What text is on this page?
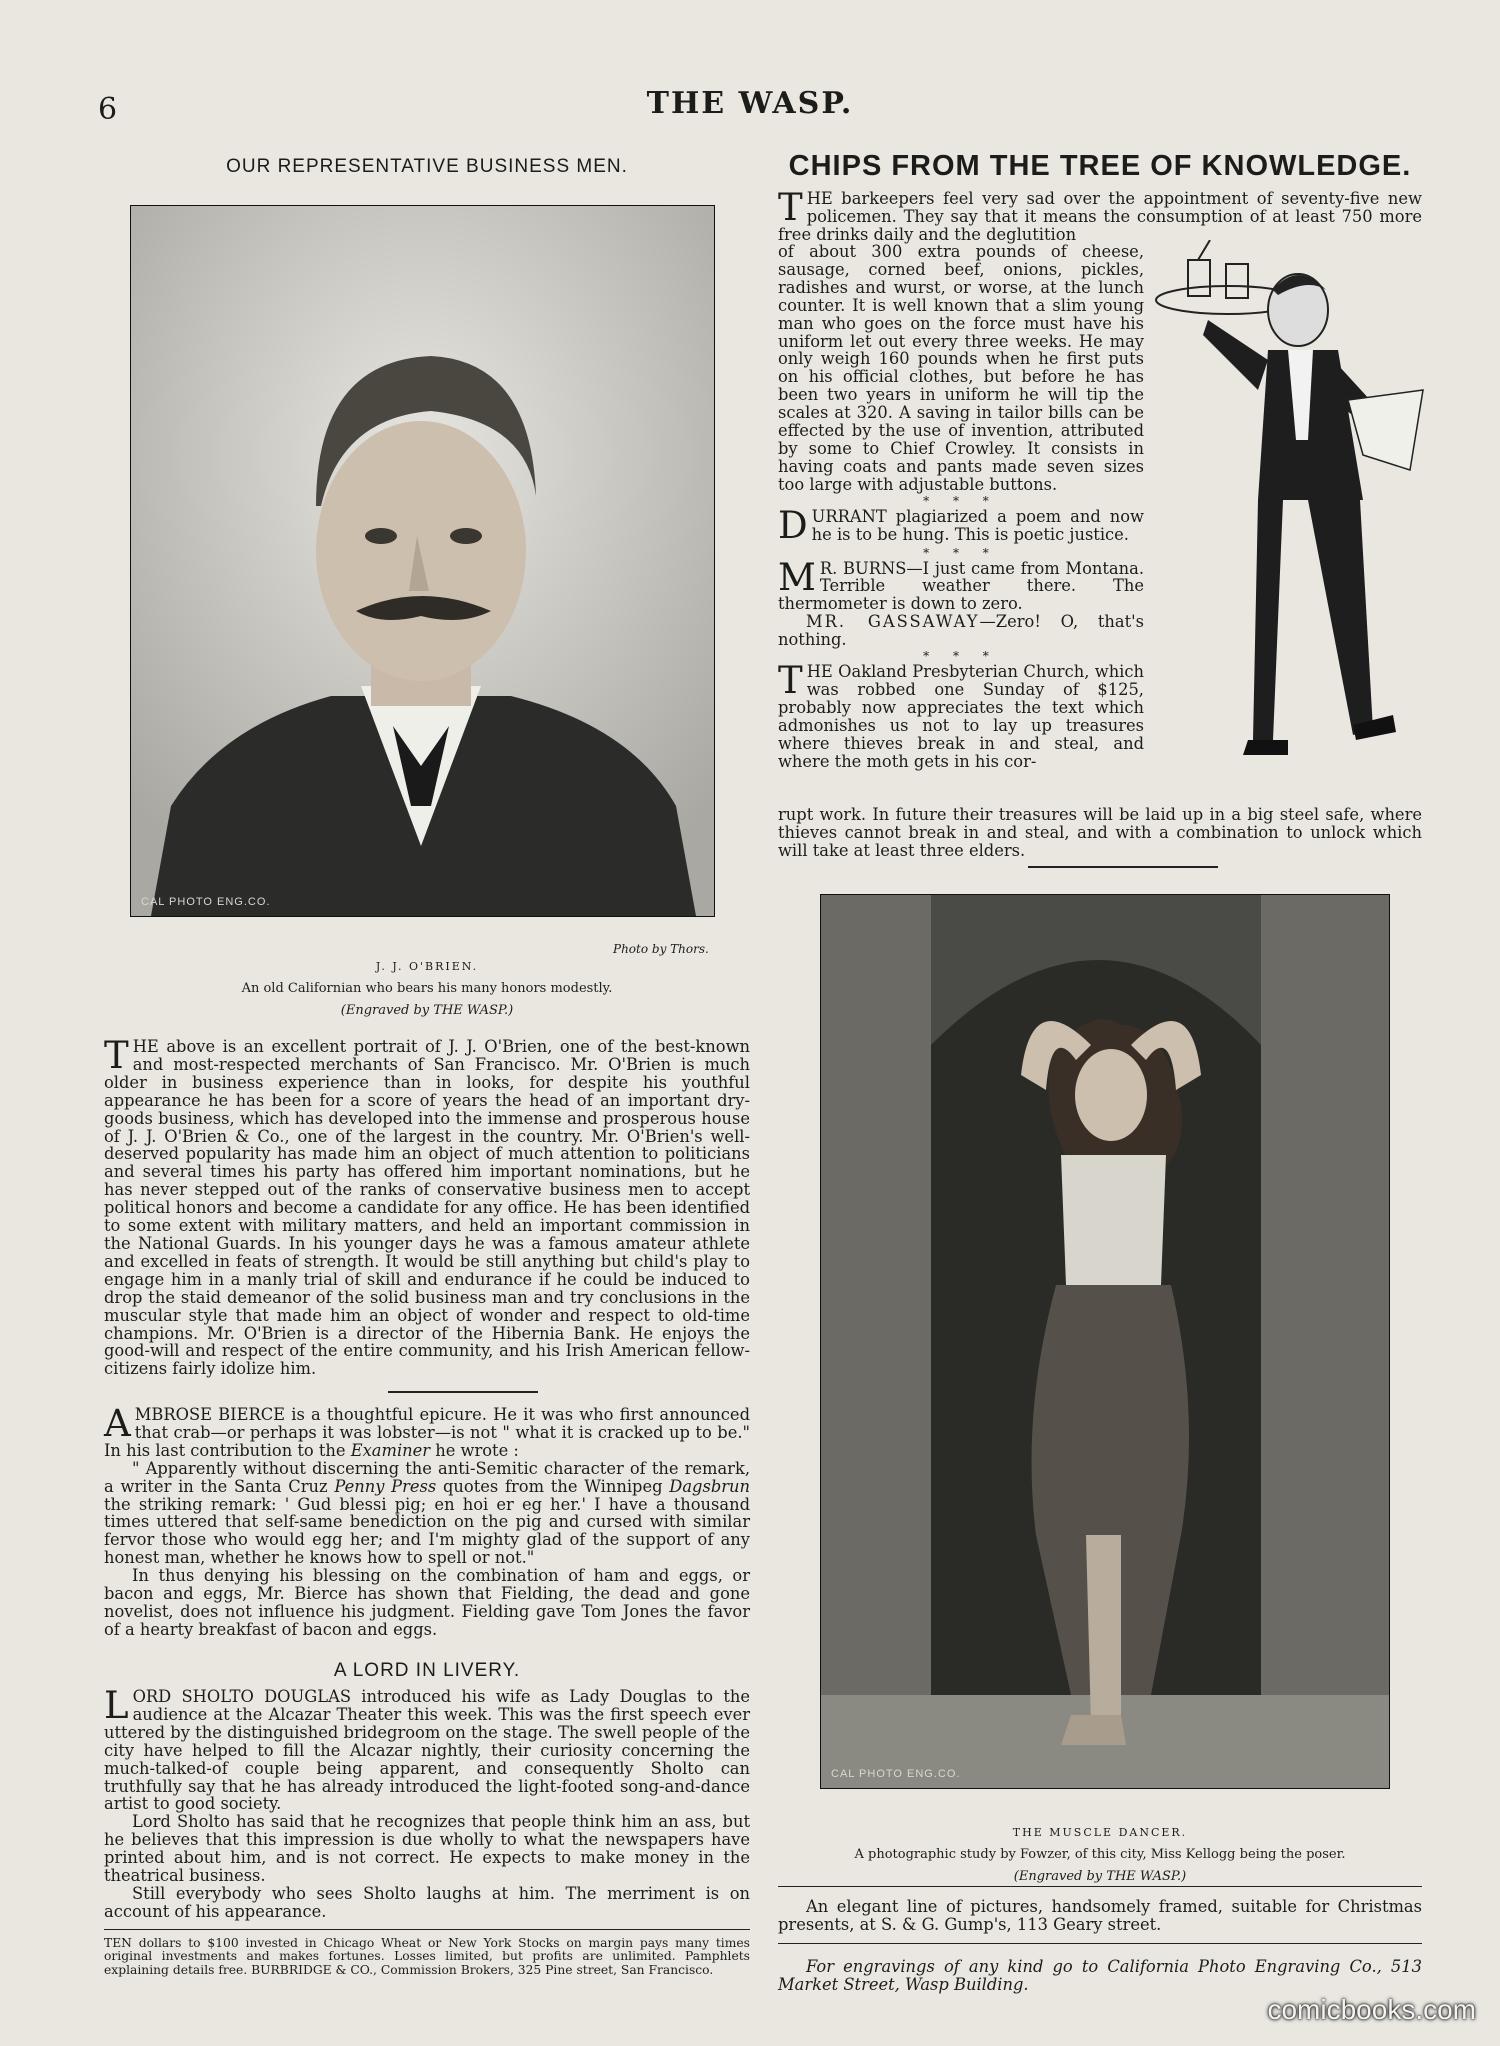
6	THE WASP.
OUR REPRESENTATIVE BUSINESS MEN.
CAL PHOTO ENG.CO.
Photo by Thors.
J. J. O'BRIEN.
An old Californian who bears his many honors modestly.
(Engraved by THE WASP.)
THE above is an excellent portrait of J. J. O'Brien, one of the best-known and most-respected merchants of San Francisco. Mr. O'Brien is much older in business experience than in looks, for despite his youthful appearance he has been for a score of years the head of an important dry-goods business, which has developed into the immense and prosperous house of J. J. O'Brien & Co., one of the largest in the country. Mr. O'Brien's well-deserved popularity has made him an object of much attention to politicians and several times his party has offered him important nominations, but he has never stepped out of the ranks of conservative business men to accept political honors and become a candidate for any office. He has been identified to some extent with military matters, and held an important commission in the National Guards. In his younger days he was a famous amateur athlete and excelled in feats of strength. It would be still anything but child's play to engage him in a manly trial of skill and endurance if he could be induced to drop the staid demeanor of the solid business man and try conclusions in the muscular style that made him an object of wonder and respect to old-time champions. Mr. O'Brien is a director of the Hibernia Bank. He enjoys the good-will and respect of the entire community, and his Irish American fellow-citizens fairly idolize him.

AMBROSE BIERCE is a thoughtful epicure. He it was who first announced that crab—or perhaps it was lobster—is not " what it is cracked up to be." In his last contribution to the Examiner he wrote :

" Apparently without discerning the anti-Semitic character of the remark, a writer in the Santa Cruz Penny Press quotes from the Winnipeg Dagsbrun the striking remark: ' Gud blessi pig; en hoi er eg her.' I have a thousand times uttered that self-same benediction on the pig and cursed with similar fervor those who would egg her; and I'm mighty glad of the support of any honest man, whether he knows how to spell or not."

In thus denying his blessing on the combination of ham and eggs, or bacon and eggs, Mr. Bierce has shown that Fielding, the dead and gone novelist, does not influence his judgment. Fielding gave Tom Jones the favor of a hearty breakfast of bacon and eggs.

A LORD IN LIVERY.

LORD SHOLTO DOUGLAS introduced his wife as Lady Douglas to the audience at the Alcazar Theater this week. This was the first speech ever uttered by the distinguished bridegroom on the stage. The swell people of the city have helped to fill the Alcazar nightly, their curiosity concerning the much-talked-of couple being apparent, and consequently Sholto can truthfully say that he has already introduced the light-footed song-and-dance artist to good society.

Lord Sholto has said that he recognizes that people think him an ass, but he believes that this impression is due wholly to what the newspapers have printed about him, and is not correct. He expects to make money in the theatrical business.

Still everybody who sees Sholto laughs at him. The merriment is on account of his appearance.

TEN dollars to $100 invested in Chicago Wheat or New York Stocks on margin pays many times original investments and makes fortunes. Losses limited, but profits are unlimited. Pamphlets explaining details free. BURBRIDGE & CO., Commission Brokers, 325 Pine street, San Francisco.
CHIPS FROM THE TREE OF KNOWLEDGE.
THE barkeepers feel very sad over the appointment of seventy-five new policemen. They say that it means the consumption of at least 750 more free drinks daily and the deglutition

of about 300 extra pounds of cheese, sausage, corned beef, onions, pickles, radishes and wurst, or worse, at the lunch counter. It is well known that a slim young man who goes on the force must have his uniform let out every three weeks. He may only weigh 160 pounds when he first puts on his official clothes, but before he has been two years in uniform he will tip the scales at 320. A saving in tailor bills can be effected by the use of invention, attributed by some to Chief Crowley. It consists in having coats and pants made seven sizes too large with adjustable buttons.

* * *

DURRANT plagiarized a poem and now he is to be hung. This is poetic justice.

* * *

M R. BURNS—I just came from Montana. Terrible weather there. The thermometer is down to zero.

MR. GASSAWAY—Zero! O, that's nothing.

* * *

THE Oakland Presbyterian Church, which was robbed one Sunday of $125, probably now appreciates the text which admonishes us not to lay up treasures where thieves break in and steal, and where the moth gets in his cor-

rupt work. In future their treasures will be laid up in a big steel safe, where thieves cannot break in and steal, and with a combination to unlock which will take at least three elders.
CAL PHOTO ENG.CO.
THE MUSCLE DANCER.
A photographic study by Fowzer, of this city, Miss Kellogg being the poser.
(Engraved by THE WASP.)
An elegant line of pictures, handsomely framed, suitable for Christmas presents, at S. & G. Gump's, 113 Geary street.
For engravings of any kind go to California Photo Engraving Co., 513 Market Street, Wasp Building.
comicbooks.com
